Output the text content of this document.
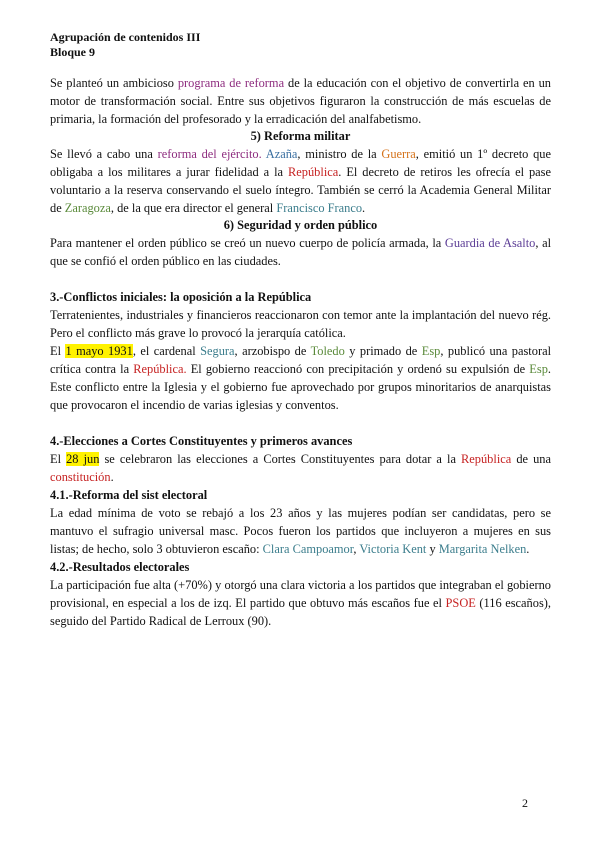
Agrupación de contenidos III
Bloque 9

Se planteó un ambicioso programa de reforma de la educación con el objetivo de convertirla en un motor de transformación social. Entre sus objetivos figuraron la construcción de más escuelas de primaria, la formación del profesorado y la erradicación del analfabetismo.

5) Reforma militar

Se llevó a cabo una reforma del ejército. Azaña, ministro de la Guerra, emitió un 1º decreto que obligaba a los militares a jurar fidelidad a la República. El decreto de retiros les ofrecía el pase voluntario a la reserva conservando el suelo íntegro. También se cerró la Academia General Militar de Zaragoza, de la que era director el general Francisco Franco.

6) Seguridad y orden público

Para mantener el orden público se creó un nuevo cuerpo de policía armada, la Guardia de Asalto, al que se confió el orden público en las ciudades.

3.-Conflictos iniciales: la oposición a la República

Terratenientes, industriales y financieros reaccionaron con temor ante la implantación del nuevo rég. Pero el conflicto más grave lo provocó la jerarquía católica.

El 1 mayo 1931, el cardenal Segura, arzobispo de Toledo y primado de Esp, publicó una pastoral crítica contra la República. El gobierno reaccionó con precipitación y ordenó su expulsión de Esp. Este conflicto entre la Iglesia y el gobierno fue aprovechado por grupos minoritarios de anarquistas que provocaron el incendio de varias iglesias y conventos.

4.-Elecciones a Cortes Constituyentes y primeros avances

El 28 jun se celebraron las elecciones a Cortes Constituyentes para dotar a la República de una constitución.

4.1.-Reforma del sist electoral

La edad mínima de voto se rebajó a los 23 años y las mujeres podían ser candidatas, pero se mantuvo el sufragio universal masc. Pocos fueron los partidos que incluyeron a mujeres en sus listas; de hecho, solo 3 obtuvieron escaño: Clara Campoamor, Victoria Kent y Margarita Nelken.

4.2.-Resultados electorales

La participación fue alta (+70%) y otorgó una clara victoria a los partidos que integraban el gobierno provisional, en especial a los de izq. El partido que obtuvo más escaños fue el PSOE (116 escaños), seguido del Partido Radical de Lerroux (90).

2
